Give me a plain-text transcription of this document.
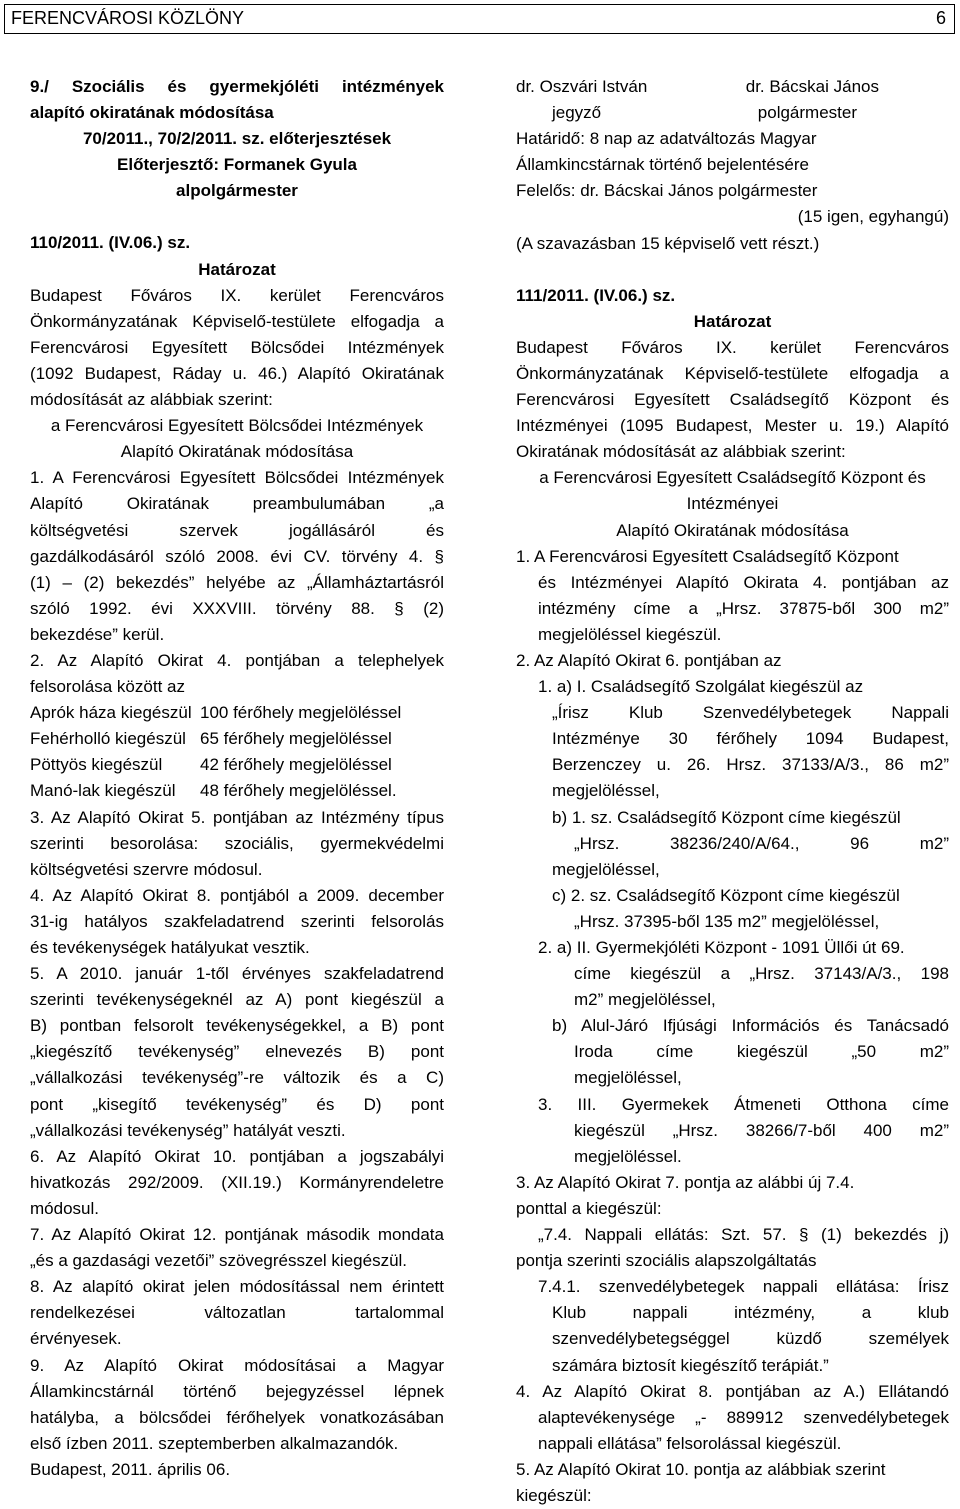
FERENCVÁROSI KÖZLÖNY	6

9./ Szociális és gyermekjóléti intézmények

alapító okiratának módosítása

70/2011., 70/2/2011. sz. előterjesztések

Előterjesztő: Formanek Gyula

alpolgármester

110/2011. (IV.06.) sz.

Határozat

Budapest Főváros IX. kerület Ferencváros

Önkormányzatának Képviselő-testülete elfogadja a

Ferencvárosi Egyesített Bölcsődei Intézmények

(1092 Budapest, Ráday u. 46.) Alapító Okiratának

módosítását az alábbiak szerint:

a Ferencvárosi Egyesített Bölcsődei Intézmények

Alapító Okiratának módosítása

1. A Ferencvárosi Egyesített Bölcsődei Intézmények

Alapító Okiratának preambulumában „a

költségvetési szervek jogállásáról és

gazdálkodásáról szóló 2008. évi CV. törvény 4. §

(1) – (2) bekezdés” helyébe az „Államháztartásról

szóló 1992. évi XXXVIII. törvény 88. § (2)

bekezdése” kerül.

2. Az Alapító Okirat 4. pontjában a telephelyek

felsorolása között az

Aprók háza kiegészül 100 férőhely megjelöléssel
Fehérholló kiegészül 65 férőhely megjelöléssel
Pöttyös kiegészül	42 férőhely megjelöléssel
Manó-lak kiegészül	48 férőhely megjelöléssel.

3. Az Alapító Okirat 5. pontjában az Intézmény típus

szerinti besorolása: szociális, gyermekvédelmi

költségvetési szervre módosul.

4. Az Alapító Okirat 8. pontjából a 2009. december

31-ig hatályos szakfeladatrend szerinti felsorolás

és tevékenységek hatályukat vesztik.

5. A 2010. január 1-től érvényes szakfeladatrend

szerinti tevékenységeknél az A) pont kiegészül a

B) pontban felsorolt tevékenységekkel, a B) pont

„kiegészítő tevékenység” elnevezés B) pont

„vállalkozási tevékenység”-re változik és a C)

pont „kisegítő tevékenység” és D) pont

„vállalkozási tevékenység” hatályát veszti.

6. Az Alapító Okirat 10. pontjában a jogszabályi

hivatkozás 292/2009. (XII.19.) Kormányrendeletre

módosul.

7. Az Alapító Okirat 12. pontjának második mondata

„és a gazdasági vezetői” szövegrésszel kiegészül.

8. Az alapító okirat jelen módosítással nem érintett

rendelkezései változatlan tartalommal

érvényesek.

9. Az Alapító Okirat módosításai a Magyar

Államkincstárnál történő bejegyzéssel lépnek

hatályba, a bölcsődei férőhelyek vonatkozásában

első ízben 2011. szeptemberben alkalmazandók.

Budapest, 2011. április 06.

dr. Oszvári István	dr. Bácskai János
jegyző	polgármester

Határidő: 8 nap az adatváltozás Magyar

Államkincstárnak történő bejelentésére

Felelős: dr. Bácskai János polgármester

(15 igen, egyhangú)

(A szavazásban 15 képviselő vett részt.)

111/2011. (IV.06.) sz.

Határozat

Budapest Főváros IX. kerület Ferencváros

Önkormányzatának Képviselő-testülete elfogadja a

Ferencvárosi Egyesített Családsegítő Központ és

Intézményei (1095 Budapest, Mester u. 19.) Alapító

Okiratának módosítását az alábbiak szerint:

a Ferencvárosi Egyesített Családsegítő Központ és

Intézményei

Alapító Okiratának módosítása

1. A Ferencvárosi Egyesített Családsegítő Központ

és Intézményei Alapító Okirata 4. pontjában az

intézmény címe a „Hrsz. 37875-ből 300 m2”

megjelöléssel kiegészül.

2. Az Alapító Okirat 6. pontjában az

1. a) I. Családsegítő Szolgálat kiegészül az

„Írisz Klub Szenvedélybetegek Nappali

Intézménye 30 férőhely 1094 Budapest,

Berzenczey u. 26. Hrsz. 37133/A/3., 86 m2”

megjelöléssel,

b) 1. sz. Családsegítő Központ címe kiegészül

„Hrsz. 38236/240/A/64., 96 m2”

megjelöléssel,

c) 2. sz. Családsegítő Központ címe kiegészül

„Hrsz. 37395-ből 135 m2” megjelöléssel,

2. a) II. Gyermekjóléti Központ - 1091 Üllői út 69.

címe kiegészül a „Hrsz. 37143/A/3., 198

m2” megjelöléssel,

b) Alul-Járó Ifjúsági Információs és Tanácsadó

Iroda címe kiegészül „50 m2”

megjelöléssel,

3. III. Gyermekek Átmeneti Otthona címe

kiegészül „Hrsz. 38266/7-ből 400 m2”

megjelöléssel.

3. Az Alapító Okirat 7. pontja az alábbi új 7.4.

ponttal a kiegészül:

„7.4. Nappali ellátás: Szt. 57. § (1) bekezdés j)

pontja szerinti szociális alapszolgáltatás

7.4.1. szenvedélybetegek nappali ellátása: Írisz

Klub nappali intézmény, a klub

szenvedélybetegséggel küzdő személyek

számára biztosít kiegészítő terápiát.”

4. Az Alapító Okirat 8. pontjában az A.) Ellátandó

alaptevékenysége „- 889912 szenvedélybetegek

nappali ellátása” felsorolással kiegészül.

5. Az Alapító Okirat 10. pontja az alábbiak szerint

kiegészül:
